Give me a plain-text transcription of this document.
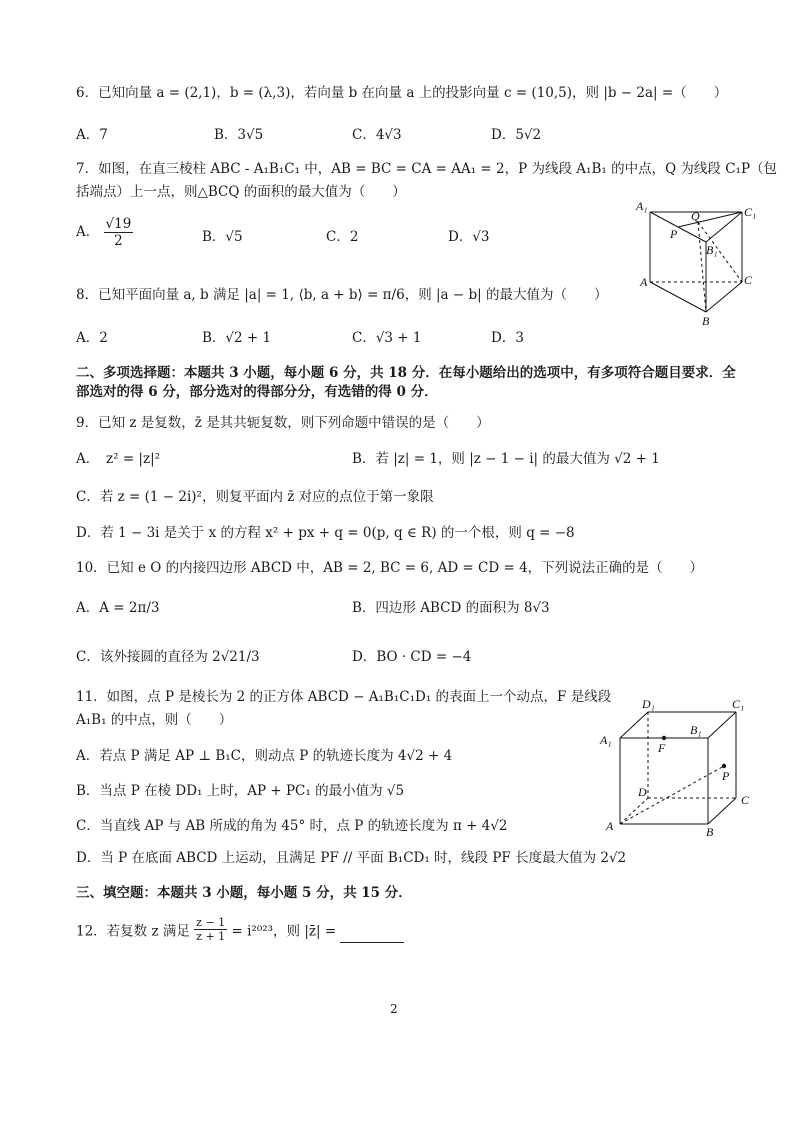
6．已知向量 a = (2,1)，b = (λ,3)，若向量 b 在向量 a 上的投影向量 c = (10,5)，则 |b − 2a| =（　　）
A．7	B．3√5	C．4√3	D．5√2
7．如图，在直三棱柱 ABC - A₁B₁C₁ 中，AB = BC = CA = AA₁ = 2，P 为线段 A₁B₁ 的中点，Q 为线段 C₁P（包
括端点）上一点，则△BCQ 的面积的最大值为（　　）
A． $\frac{√19}{2}$	B．√5	C．2	D．√3
A₁	C₁
Q
P
B₁
A	C
B
8．已知平面向量 a, b 满足 |a| = 1, ⟨b, a + b⟩ = π/6，则 |a − b| 的最大值为（　　）
A．2	B．√2 + 1	C．√3 + 1	D．3
二、多项选择题：本题共 3 小题，每小题 6 分，共 18 分．在每小题给出的选项中，有多项符合题目要求．全
部选对的得 6 分，部分选对的得部分分，有选错的得 0 分．
9．已知 z 是复数，z̄ 是其共轭复数，则下列命题中错误的是（　　）
A．　z² = |z|²	B．若 |z| = 1，则 |z − 1 − i| 的最大值为 √2 + 1
C．若 z = (1 − 2i)²，则复平面内 z̄ 对应的点位于第一象限
D．若 1 − 3i 是关于 x 的方程 x² + px + q = 0(p, q ∈ R) 的一个根，则 q = −8
10．已知 e O 的内接四边形 ABCD 中，AB = 2, BC = 6, AD = CD = 4，下列说法正确的是（　　）
A．A = 2π/3	B．四边形 ABCD 的面积为 8√3
C．该外接圆的直径为 2√21/3	D．BO · CD = −4
11．如图，点 P 是棱长为 2 的正方体 ABCD − A₁B₁C₁D₁ 的表面上一个动点，F 是线段
A₁B₁ 的中点，则（　　）
A．若点 P 满足 AP ⊥ B₁C，则动点 P 的轨迹长度为 4√2 + 4
B．当点 P 在棱 DD₁ 上时，AP + PC₁ 的最小值为 √5
C．当直线 AP 与 AB 所成的角为 45° 时，点 P 的轨迹长度为 π + 4√2
D．当 P 在底面 ABCD 上运动，且满足 PF // 平面 B₁CD₁ 时，线段 PF 长度最大值为 2√2
D₁	C₁
B₁
A₁
F
P
D
C
A	B
三、填空题：本题共 3 小题，每小题 5 分，共 15 分．
12．若复数 z 满足 $\frac{z - 1}{z + 1} = i^{2023}$，则 |z̄| =
2
